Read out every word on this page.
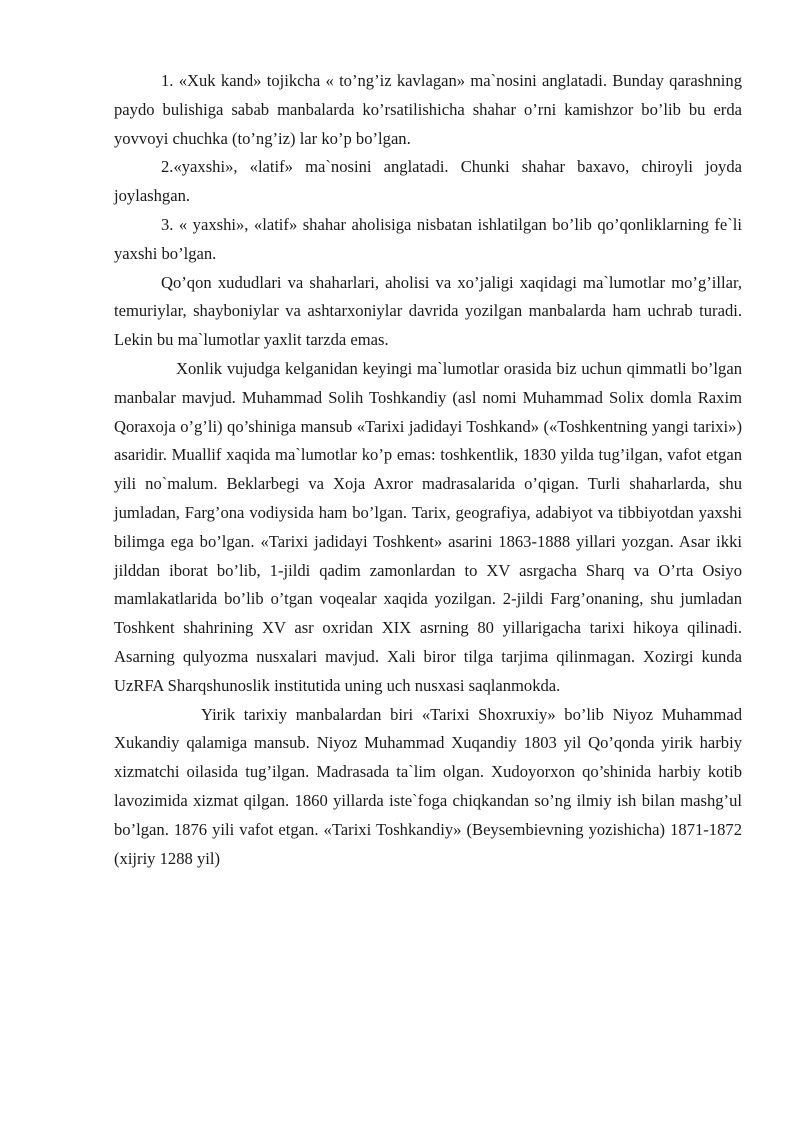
1. «Xuk kand» tojikcha « to’ng’iz kavlagan» ma`nosini anglatadi. Bunday qarashning paydo bulishiga sabab manbalarda ko’rsatilishicha shahar o’rni kamishzor bo’lib bu erda yovvoyi chuchka (to’ng’iz) lar ko’p bo’lgan.

2.«yaxshi», «latif» ma`nosini anglatadi. Chunki shahar baxavo, chiroyli joyda joylashgan.

3. « yaxshi», «latif» shahar aholisiga nisbatan ishlatilgan bo’lib qo’qonliklarning fe`li yaxshi bo’lgan.

Qo’qon xududlari va shaharlari, aholisi va xo’jaligi xaqidagi ma`lumotlar mo’g’illar, temuriylar, shayboniylar va ashtarxoniylar davrida yozilgan manbalarda ham uchrab turadi. Lekin bu ma`lumotlar yaxlit tarzda emas.

Xonlik vujudga kelganidan keyingi ma`lumotlar orasida biz uchun qimmatli bo’lgan manbalar mavjud. Muhammad Solih Toshkandiy (asl nomi Muhammad Solix domla Raxim Qoraxoja o’g’li) qo’shiniga mansub «Tarixi jadidayi Toshkand» («Toshkentning yangi tarixi») asaridir. Muallif xaqida ma`lumotlar ko’p emas: toshkentlik, 1830 yilda tug’ilgan, vafot etgan yili no`malum. Beklarbegi va Xoja Axror madrasalarida o’qigan. Turli shaharlarda, shu jumladan, Farg’ona vodiysida ham bo’lgan. Tarix, geografiya, adabiyot va tibbiyotdan yaxshi bilimga ega bo’lgan. «Tarixi jadidayi Toshkent» asarini 1863-1888 yillari yozgan. Asar ikki jilddan iborat bo’lib, 1-jildi qadim zamonlardan to XV asrgacha Sharq va O’rta Osiyo mamlakatlarida bo’lib o’tgan voqealar xaqida yozilgan. 2-jildi Farg’onaning, shu jumladan Toshkent shahrining XV asr oxridan XIX asrning 80 yillarigacha tarixi hikoya qilinadi. Asarning qulyozma nusxalari mavjud. Xali biror tilga tarjima qilinmagan. Xozirgi kunda UzRFA Sharqshunoslik institutida uning uch nusxasi saqlanmokda.

Yirik tarixiy manbalardan biri «Tarixi Shoxruxiy» bo’lib Niyoz Muhammad Xukandiy qalamiga mansub. Niyoz Muhammad Xuqandiy 1803 yil Qo’qonda yirik harbiy xizmatchi oilasida tug’ilgan. Madrasada ta`lim olgan. Xudoyorxon qo’shinida harbiy kotib lavozimida xizmat qilgan. 1860 yillarda iste`foga chiqkandan so’ng ilmiy ish bilan mashg’ul bo’lgan. 1876 yili vafot etgan. «Tarixi Toshkandiy» (Beysembievning yozishicha) 1871-1872 (xijriy 1288 yil)
